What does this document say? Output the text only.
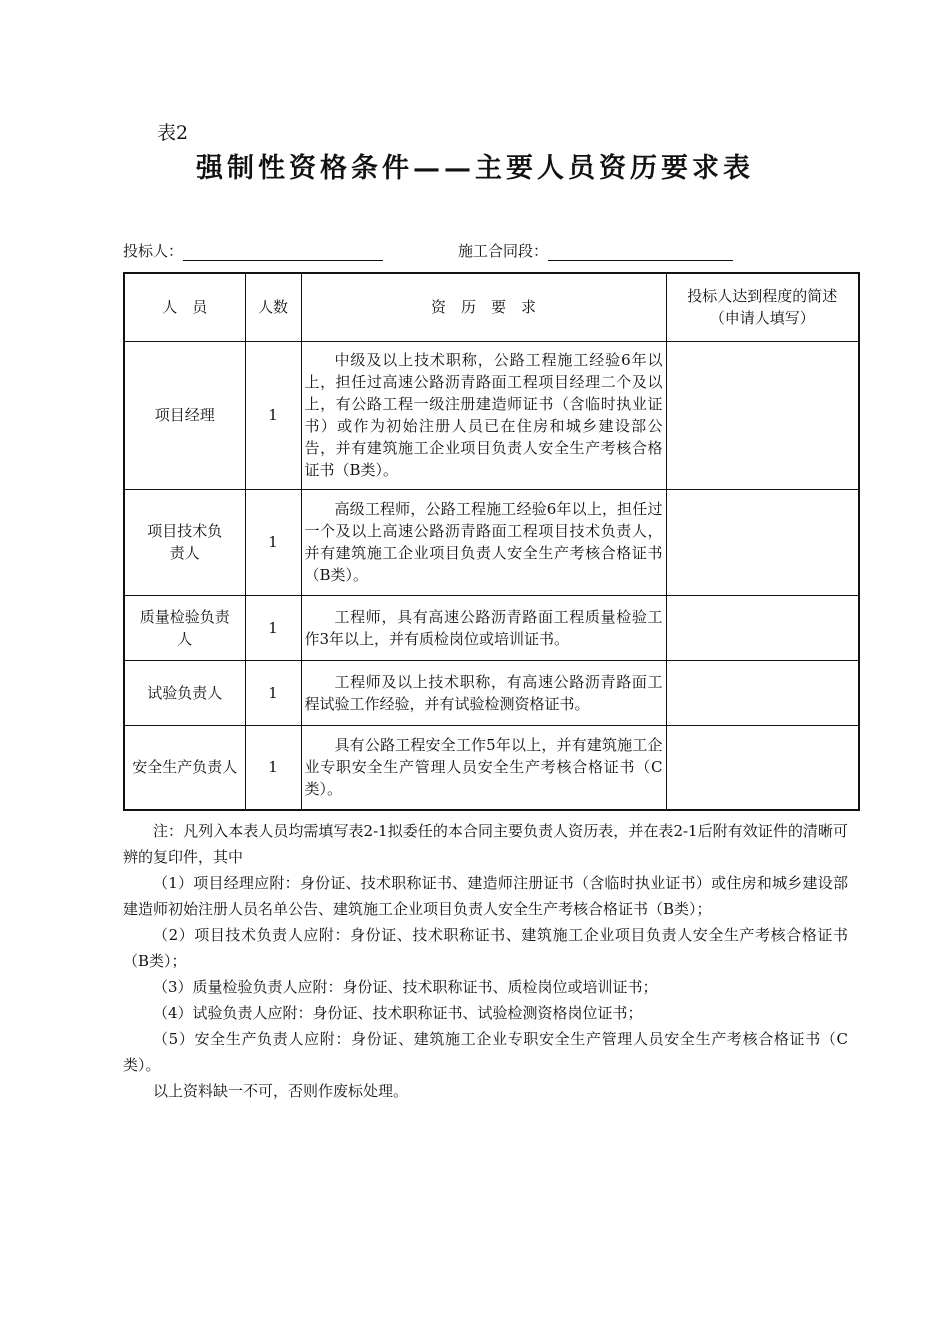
表2
强制性资格条件——主要人员资历要求表
投标人：	施工合同段：
人　员	人数	资　历　要　求	投标人达到程度的简述
（申请人填写）

项目经理	1	中级及以上技术职称，公路工程施工经验6年以上，担任过高速公路沥青路面工程项目经理二个及以上，有公路工程一级注册建造师证书（含临时执业证书）或作为初始注册人员已在住房和城乡建设部公告，并有建筑施工企业项目负责人安全生产考核合格证书（B类）。	

项目技术负责人	1	高级工程师，公路工程施工经验6年以上，担任过一个及以上高速公路沥青路面工程项目技术负责人，并有建筑施工企业项目负责人安全生产考核合格证书（B类）。	

质量检验负责人	1	工程师，具有高速公路沥青路面工程质量检验工作3年以上，并有质检岗位或培训证书。	

试验负责人	1	工程师及以上技术职称，有高速公路沥青路面工程试验工作经验，并有试验检测资格证书。	

安全生产负责人	1	具有公路工程安全工作5年以上，并有建筑施工企业专职安全生产管理人员安全生产考核合格证书（C类）。	

注：凡列入本表人员均需填写表2-1拟委任的本合同主要负责人资历表，并在表2-1后附有效证件的清晰可辨的复印件，其中

（1）项目经理应附：身份证、技术职称证书、建造师注册证书（含临时执业证书）或住房和城乡建设部建造师初始注册人员名单公告、建筑施工企业项目负责人安全生产考核合格证书（B类）；

（2）项目技术负责人应附：身份证、技术职称证书、建筑施工企业项目负责人安全生产考核合格证书（B类）；

（3）质量检验负责人应附：身份证、技术职称证书、质检岗位或培训证书；

（4）试验负责人应附：身份证、技术职称证书、试验检测资格岗位证书；

（5）安全生产负责人应附：身份证、建筑施工企业专职安全生产管理人员安全生产考核合格证书（C类）。

以上资料缺一不可，否则作废标处理。
